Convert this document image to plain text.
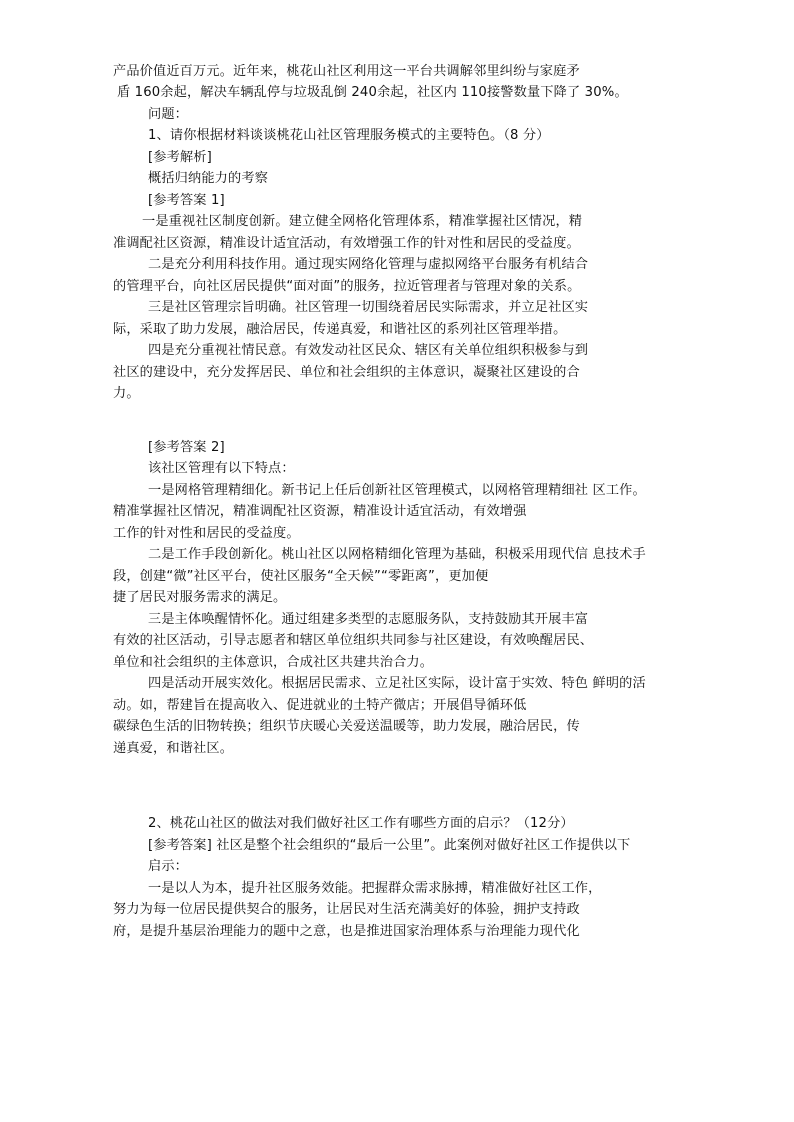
产品价值近百万元。近年来，桃花山社区利用这一平台共调解邻里纠纷与家庭矛
盾 160余起，解决车辆乱停与垃圾乱倒 240余起，社区内 110接警数量下降了 30%。
问题：
1、请你根据材料谈谈桃花山社区管理服务模式的主要特色。（8 分）
[参考解析]
概括归纳能力的考察
[参考答案 1]
一是重视社区制度创新。建立健全网格化管理体系，精准掌握社区情况，精
准调配社区资源，精准设计适宜活动，有效增强工作的针对性和居民的受益度。
二是充分利用科技作用。通过现实网络化管理与虚拟网络平台服务有机结合
的管理平台，向社区居民提供“面对面”的服务，拉近管理者与管理对象的关系。
三是社区管理宗旨明确。社区管理一切围绕着居民实际需求，并立足社区实
际，采取了助力发展，融洽居民，传递真爱，和谐社区的系列社区管理举措。
四是充分重视社情民意。有效发动社区民众、辖区有关单位组织积极参与到
社区的建设中，充分发挥居民、单位和社会组织的主体意识，凝聚社区建设的合
力。
[参考答案 2]
该社区管理有以下特点：
一是网格管理精细化。新书记上任后创新社区管理模式，以网格管理精细社 区工作。
精准掌握社区情况，精准调配社区资源，精准设计适宜活动，有效增强
工作的针对性和居民的受益度。
二是工作手段创新化。桃山社区以网格精细化管理为基础，积极采用现代信 息技术手
段，创建“微”社区平台，使社区服务“全天候”“零距离”，更加便
捷了居民对服务需求的满足。
三是主体唤醒情怀化。通过组建多类型的志愿服务队，支持鼓励其开展丰富
有效的社区活动，引导志愿者和辖区单位组织共同参与社区建设，有效唤醒居民、
单位和社会组织的主体意识，合成社区共建共治合力。
四是活动开展实效化。根据居民需求、立足社区实际，设计富于实效、特色 鲜明的活
动。如，帮建旨在提高收入、促进就业的土特产微店；开展倡导循环低
碳绿色生活的旧物转换；组织节庆暖心关爱送温暖等，助力发展，融洽居民，传
递真爱，和谐社区。
2、桃花山社区的做法对我们做好社区工作有哪些方面的启示？（12分）
[参考答案] 社区是整个社会组织的“最后一公里”。此案例对做好社区工作提供以下
启示：
一是以人为本，提升社区服务效能。把握群众需求脉搏，精准做好社区工作，
努力为每一位居民提供契合的服务，让居民对生活充满美好的体验，拥护支持政
府，是提升基层治理能力的题中之意，也是推进国家治理体系与治理能力现代化
